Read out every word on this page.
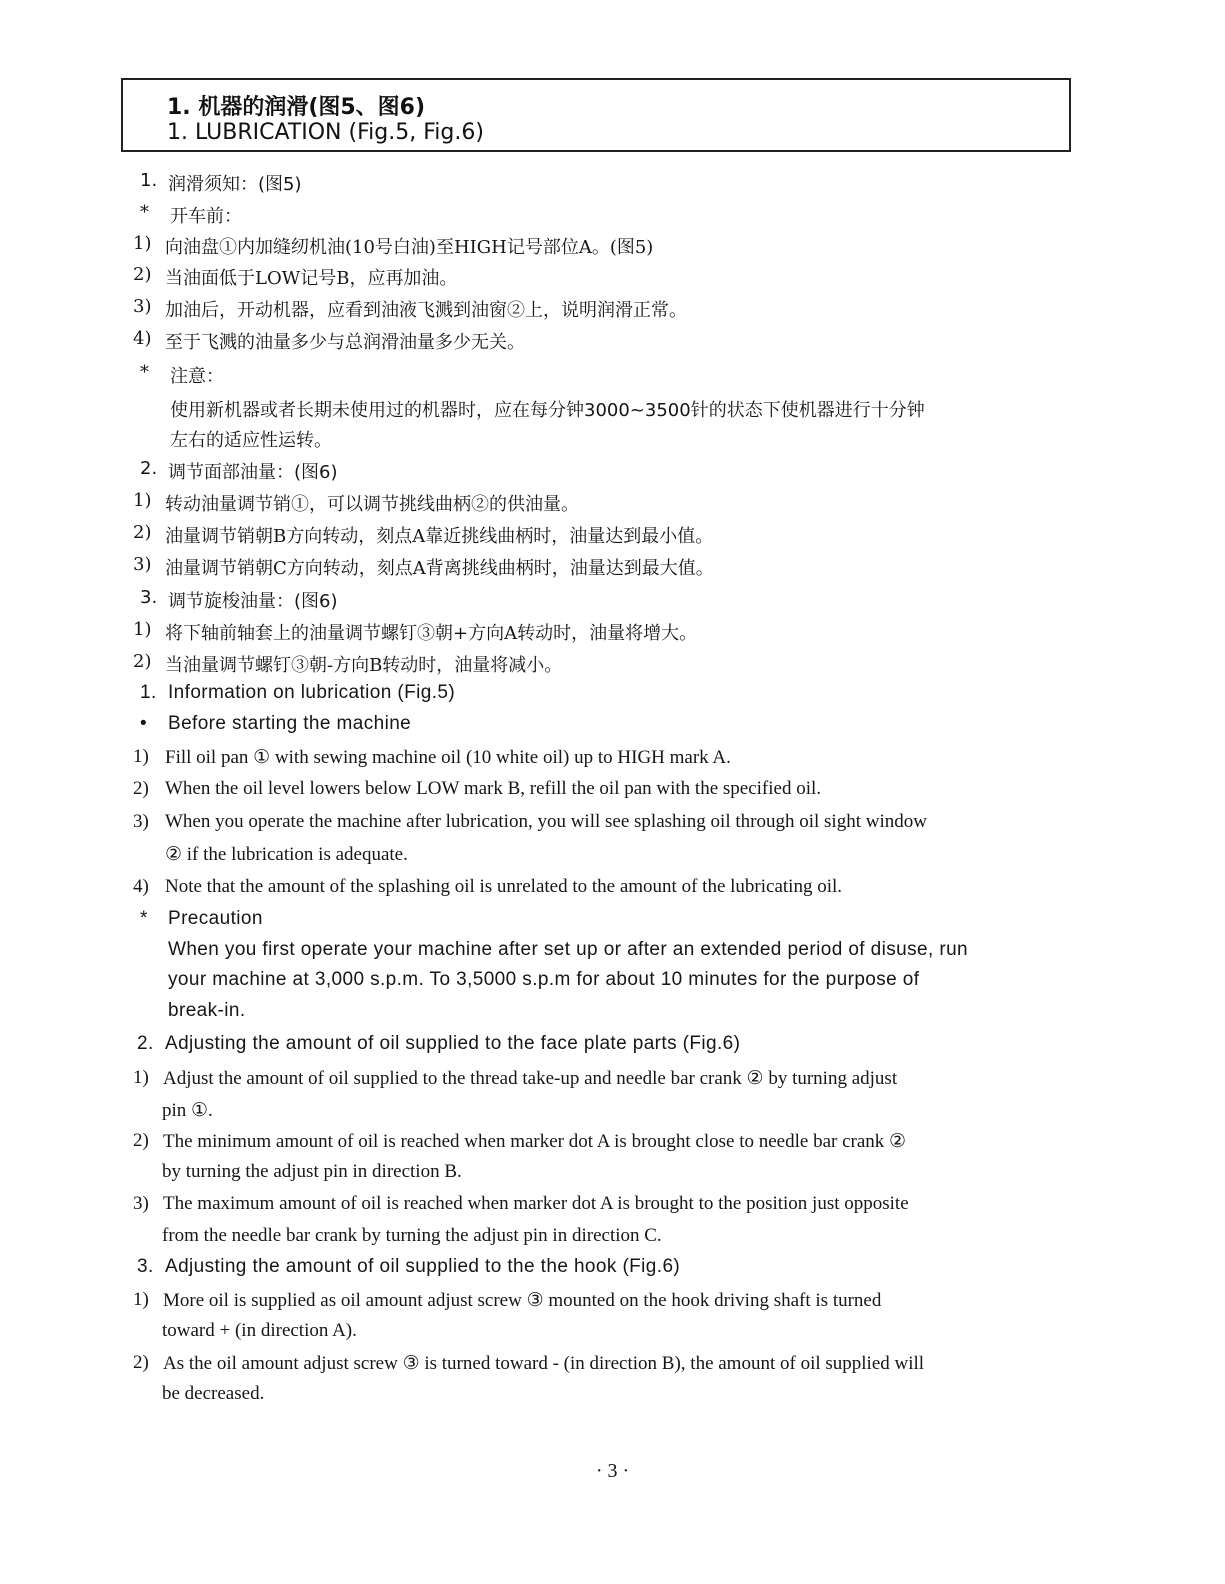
1. 机器的润滑(图5、图6)
1. LUBRICATION (Fig.5, Fig.6)
1. 润滑须知：(图5)
* 开车前：
1) 向油盘①内加缝纫机油(10号白油)至HIGH记号部位A。(图5)
2) 当油面低于LOW记号B，应再加油。
3) 加油后，开动机器，应看到油液飞溅到油窗②上，说明润滑正常。
4) 至于飞溅的油量多少与总润滑油量多少无关。
* 注意：
使用新机器或者长期未使用过的机器时，应在每分钟3000~3500针的状态下使机器进行十分钟
左右的适应性运转。
2. 调节面部油量：(图6)
1) 转动油量调节销①，可以调节挑线曲柄②的供油量。
2) 油量调节销朝B方向转动，刻点A靠近挑线曲柄时，油量达到最小值。
3) 油量调节销朝C方向转动，刻点A背离挑线曲柄时，油量达到最大值。
3. 调节旋梭油量：(图6)
1) 将下轴前轴套上的油量调节螺钉③朝+方向A转动时，油量将增大。
2) 当油量调节螺钉③朝-方向B转动时，油量将减小。
1. Information on lubrication (Fig.5)
• Before starting the machine
1) Fill oil pan ① with sewing machine oil (10 white oil) up to HIGH mark A.
2) When the oil level lowers below LOW mark B, refill the oil pan with the specified oil.
3) When you operate the machine after lubrication, you will see splashing oil through oil sight window
② if the lubrication is adequate.
4) Note that the amount of the splashing oil is unrelated to the amount of the lubricating oil.
* Precaution
When you first operate your machine after set up or after an extended period of disuse, run
your machine at 3,000 s.p.m. To 3,5000 s.p.m for about 10 minutes for the purpose of
break-in.
2. Adjusting the amount of oil supplied to the face plate parts (Fig.6)
1) Adjust the amount of oil supplied to the thread take-up and needle bar crank ② by turning adjust
pin ①.
2) The minimum amount of oil is reached when marker dot A is brought close to needle bar crank ②
by turning the adjust pin in direction B.
3) The maximum amount of oil is reached when marker dot A is brought to the position just opposite
from the needle bar crank by turning the adjust pin in direction C.
3. Adjusting the amount of oil supplied to the the hook (Fig.6)
1) More oil is supplied as oil amount adjust screw ③ mounted on the hook driving shaft is turned
toward + (in direction A).
2) As the oil amount adjust screw ③ is turned toward - (in direction B), the amount of oil supplied will
be decreased.
· 3 ·
